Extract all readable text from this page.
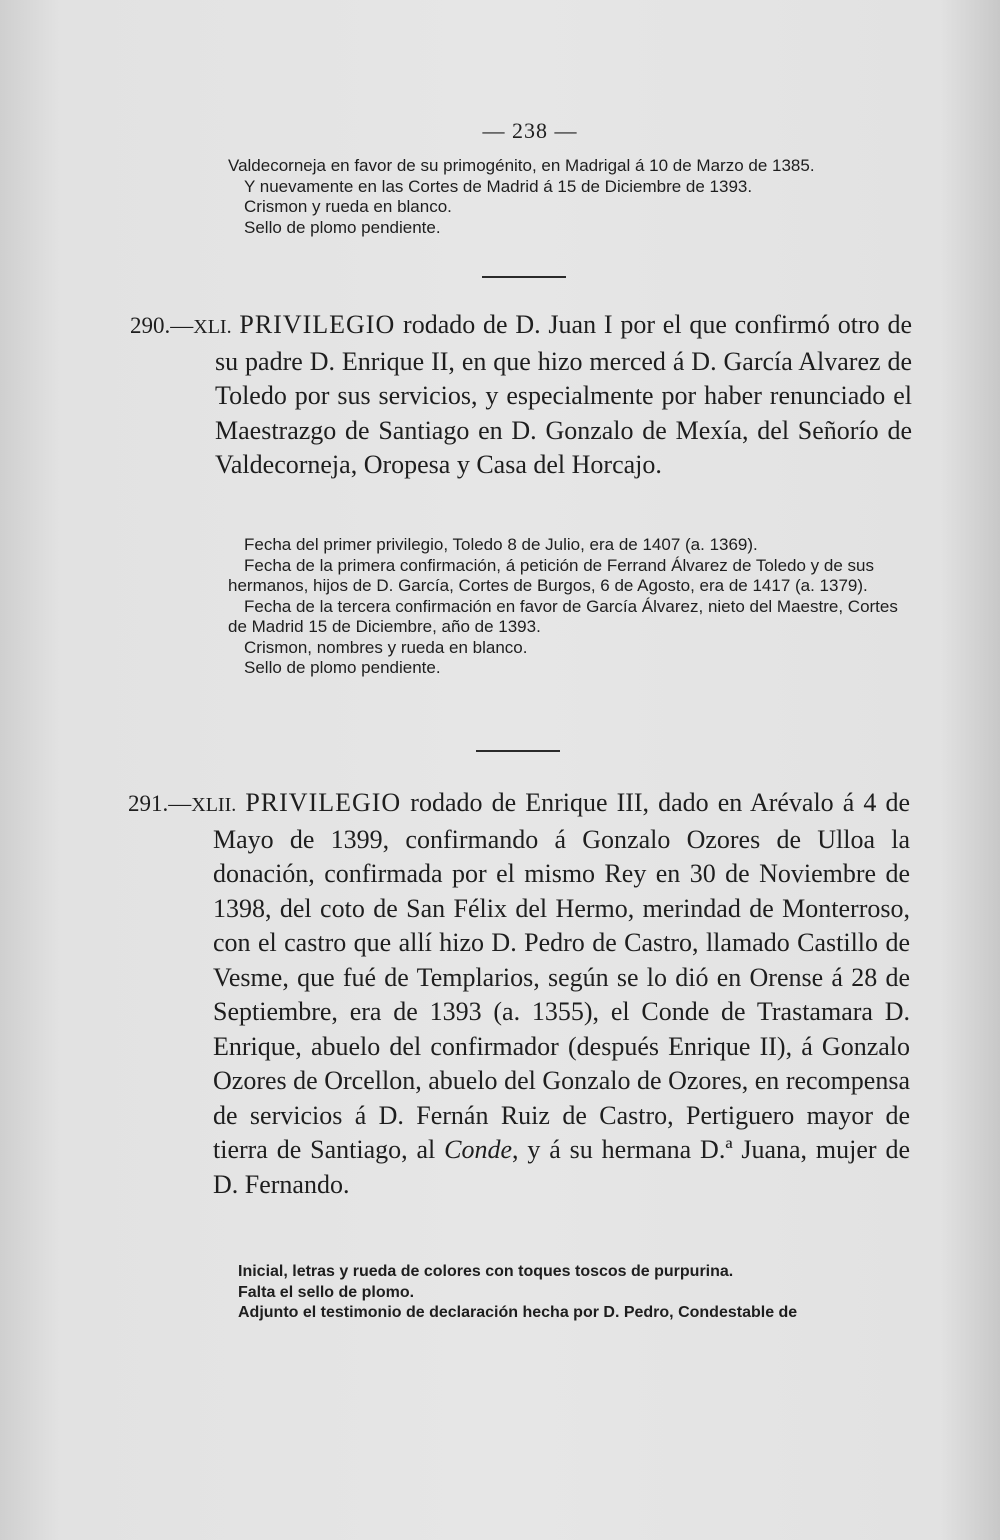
— 238 —

Valdecorneja en favor de su primogénito, en Madrigal á 10 de Marzo de 1385.

Y nuevamente en las Cortes de Madrid á 15 de Diciembre de 1393.

Crismon y rueda en blanco.

Sello de plomo pendiente.

290.—XLI. PRIVILEGIO rodado de D. Juan I por el que confirmó otro de su padre D. Enrique II, en que hizo merced á D. García Alvarez de Toledo por sus servicios, y especialmente por haber renunciado el Maestrazgo de Santiago en D. Gonzalo de Mexía, del Señorío de Valdecorneja, Oropesa y Casa del Horcajo.

Fecha del primer privilegio, Toledo 8 de Julio, era de 1407 (a. 1369).

Fecha de la primera confirmación, á petición de Ferrand Álvarez de Toledo y de sus hermanos, hijos de D. García, Cortes de Burgos, 6 de Agosto, era de 1417 (a. 1379).

Fecha de la tercera confirmación en favor de García Álvarez, nieto del Maestre, Cortes de Madrid 15 de Diciembre, año de 1393.

Crismon, nombres y rueda en blanco.

Sello de plomo pendiente.

291.—XLII. PRIVILEGIO rodado de Enrique III, dado en Arévalo á 4 de Mayo de 1399, confirmando á Gonzalo Ozores de Ulloa la donación, confirmada por el mismo Rey en 30 de Noviembre de 1398, del coto de San Félix del Hermo, merindad de Monterroso, con el castro que allí hizo D. Pedro de Castro, llamado Castillo de Vesme, que fué de Templarios, según se lo dió en Orense á 28 de Septiembre, era de 1393 (a. 1355), el Conde de Trastamara D. Enrique, abuelo del confirmador (después Enrique II), á Gonzalo Ozores de Orcellon, abuelo del Gonzalo de Ozores, en recompensa de servicios á D. Fernán Ruiz de Castro, Pertiguero mayor de tierra de Santiago, al Conde, y á su hermana D.ª Juana, mujer de D. Fernando.

Inicial, letras y rueda de colores con toques toscos de purpurina.

Falta el sello de plomo.

Adjunto el testimonio de declaración hecha por D. Pedro, Condestable de
